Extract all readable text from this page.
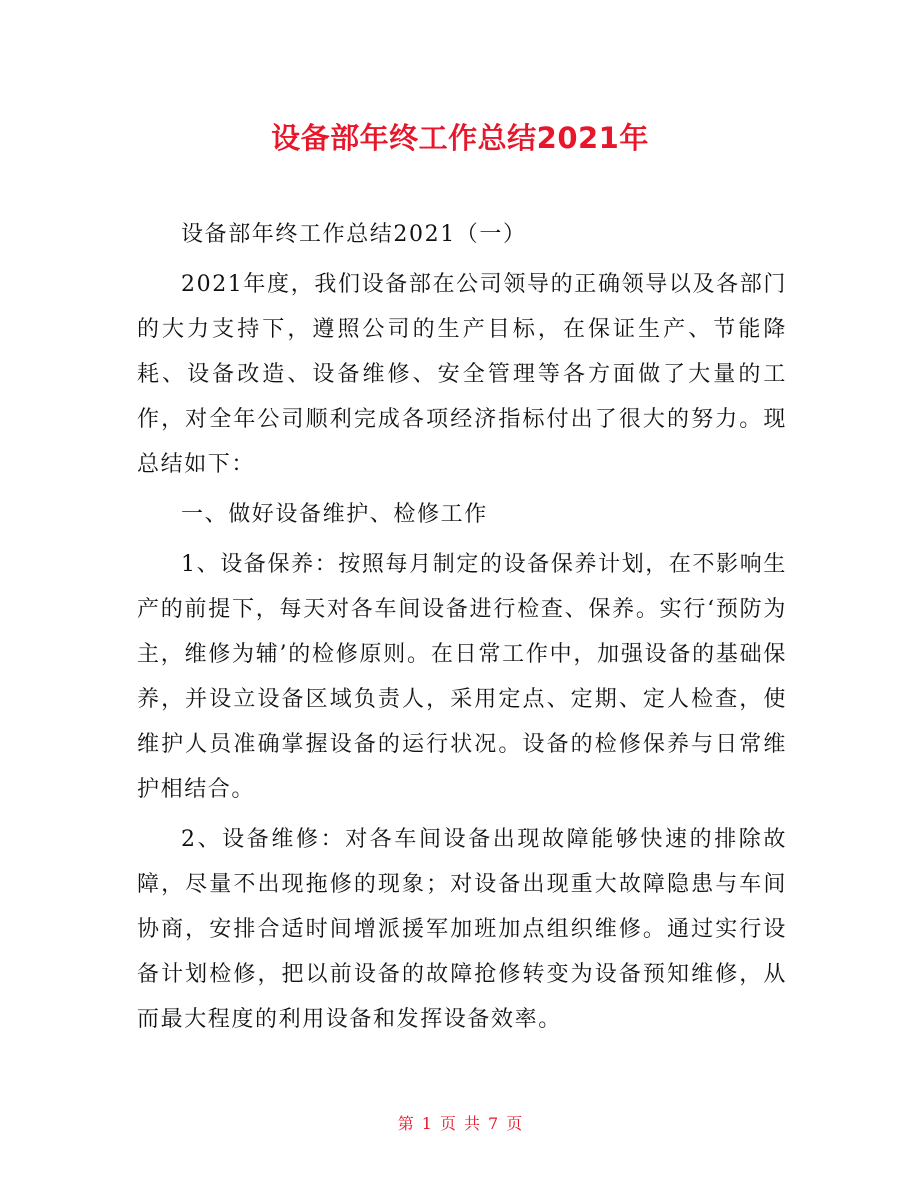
设备部年终工作总结2021年

设备部年终工作总结2021（一）

2021年度，我们设备部在公司领导的正确领导以及各部门的大力支持下，遵照公司的生产目标，在保证生产、节能降耗、设备改造、设备维修、安全管理等各方面做了大量的工作，对全年公司顺利完成各项经济指标付出了很大的努力。现总结如下：

一、做好设备维护、检修工作

1、设备保养：按照每月制定的设备保养计划，在不影响生产的前提下，每天对各车间设备进行检查、保养。实行‘预防为主，维修为辅’的检修原则。在日常工作中，加强设备的基础保养，并设立设备区域负责人，采用定点、定期、定人检查，使维护人员准确掌握设备的运行状况。设备的检修保养与日常维护相结合。

2、设备维修：对各车间设备出现故障能够快速的排除故障，尽量不出现拖修的现象；对设备出现重大故障隐患与车间协商，安排合适时间增派援军加班加点组织维修。通过实行设备计划检修，把以前设备的故障抢修转变为设备预知维修，从而最大程度的利用设备和发挥设备效率。

第 1 页 共 7 页
